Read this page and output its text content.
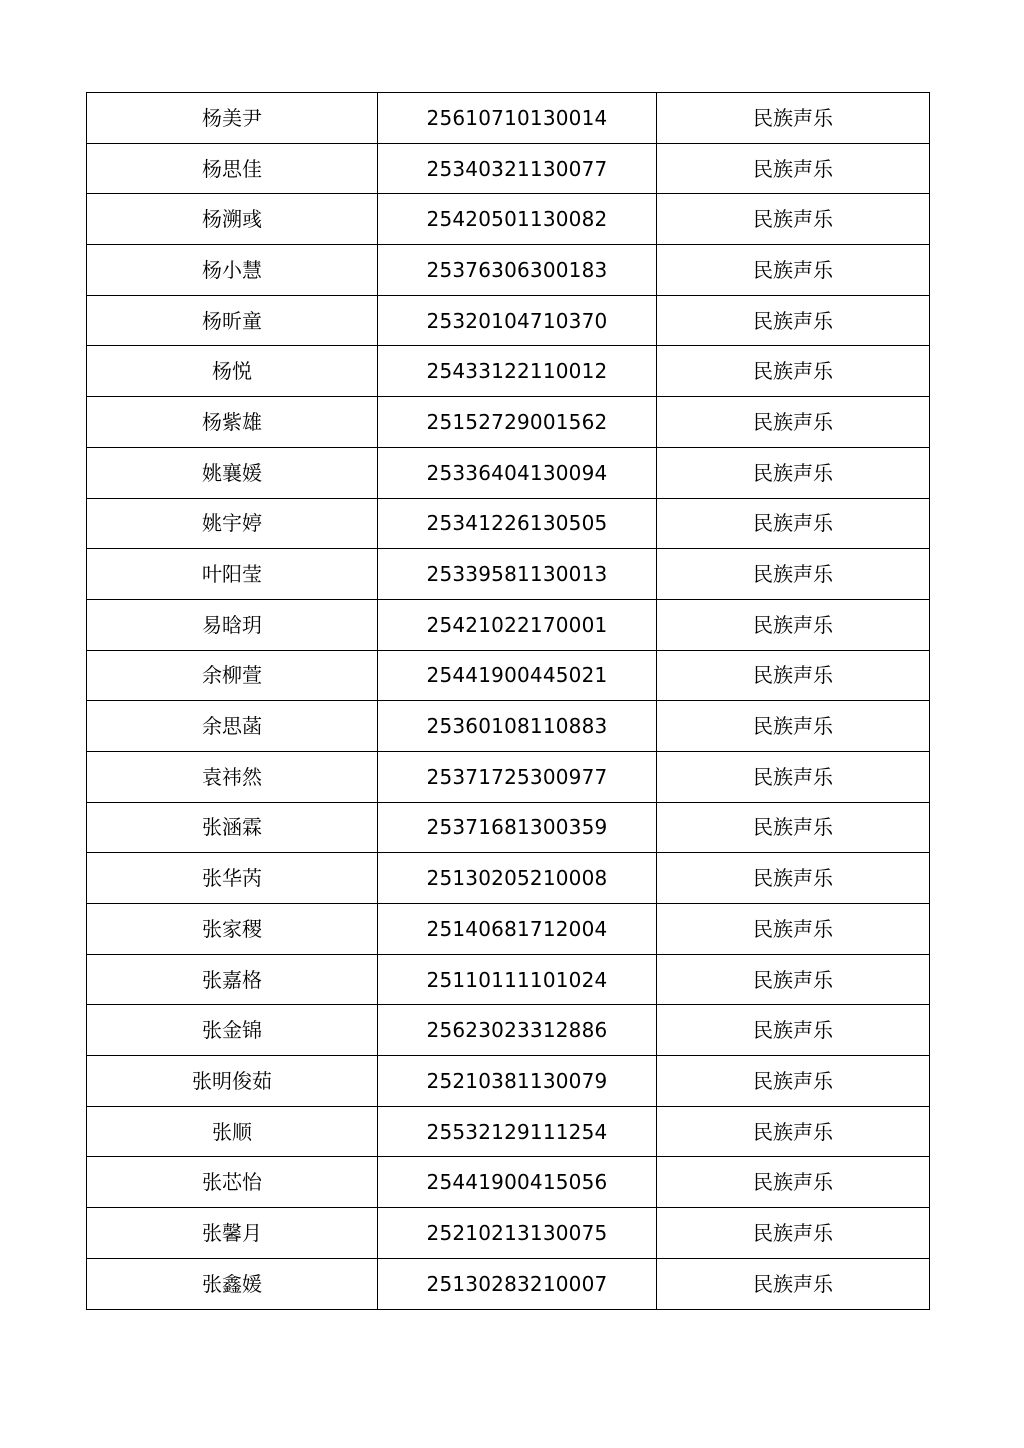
杨美尹	25610710130014	民族声乐
杨思佳	25340321130077	民族声乐
杨溯彧	25420501130082	民族声乐
杨小慧	25376306300183	民族声乐
杨昕童	25320104710370	民族声乐
杨悦	25433122110012	民族声乐
杨紫雄	25152729001562	民族声乐
姚襄媛	25336404130094	民族声乐
姚宇婷	25341226130505	民族声乐
叶阳莹	25339581130013	民族声乐
易晗玥	25421022170001	民族声乐
余柳萱	25441900445021	民族声乐
余思菡	25360108110883	民族声乐
袁祎然	25371725300977	民族声乐
张涵霖	25371681300359	民族声乐
张华芮	25130205210008	民族声乐
张家稷	25140681712004	民族声乐
张嘉格	25110111101024	民族声乐
张金锦	25623023312886	民族声乐
张明俊茹	25210381130079	民族声乐
张顺	25532129111254	民族声乐
张芯怡	25441900415056	民族声乐
张馨月	25210213130075	民族声乐
张鑫媛	25130283210007	民族声乐
